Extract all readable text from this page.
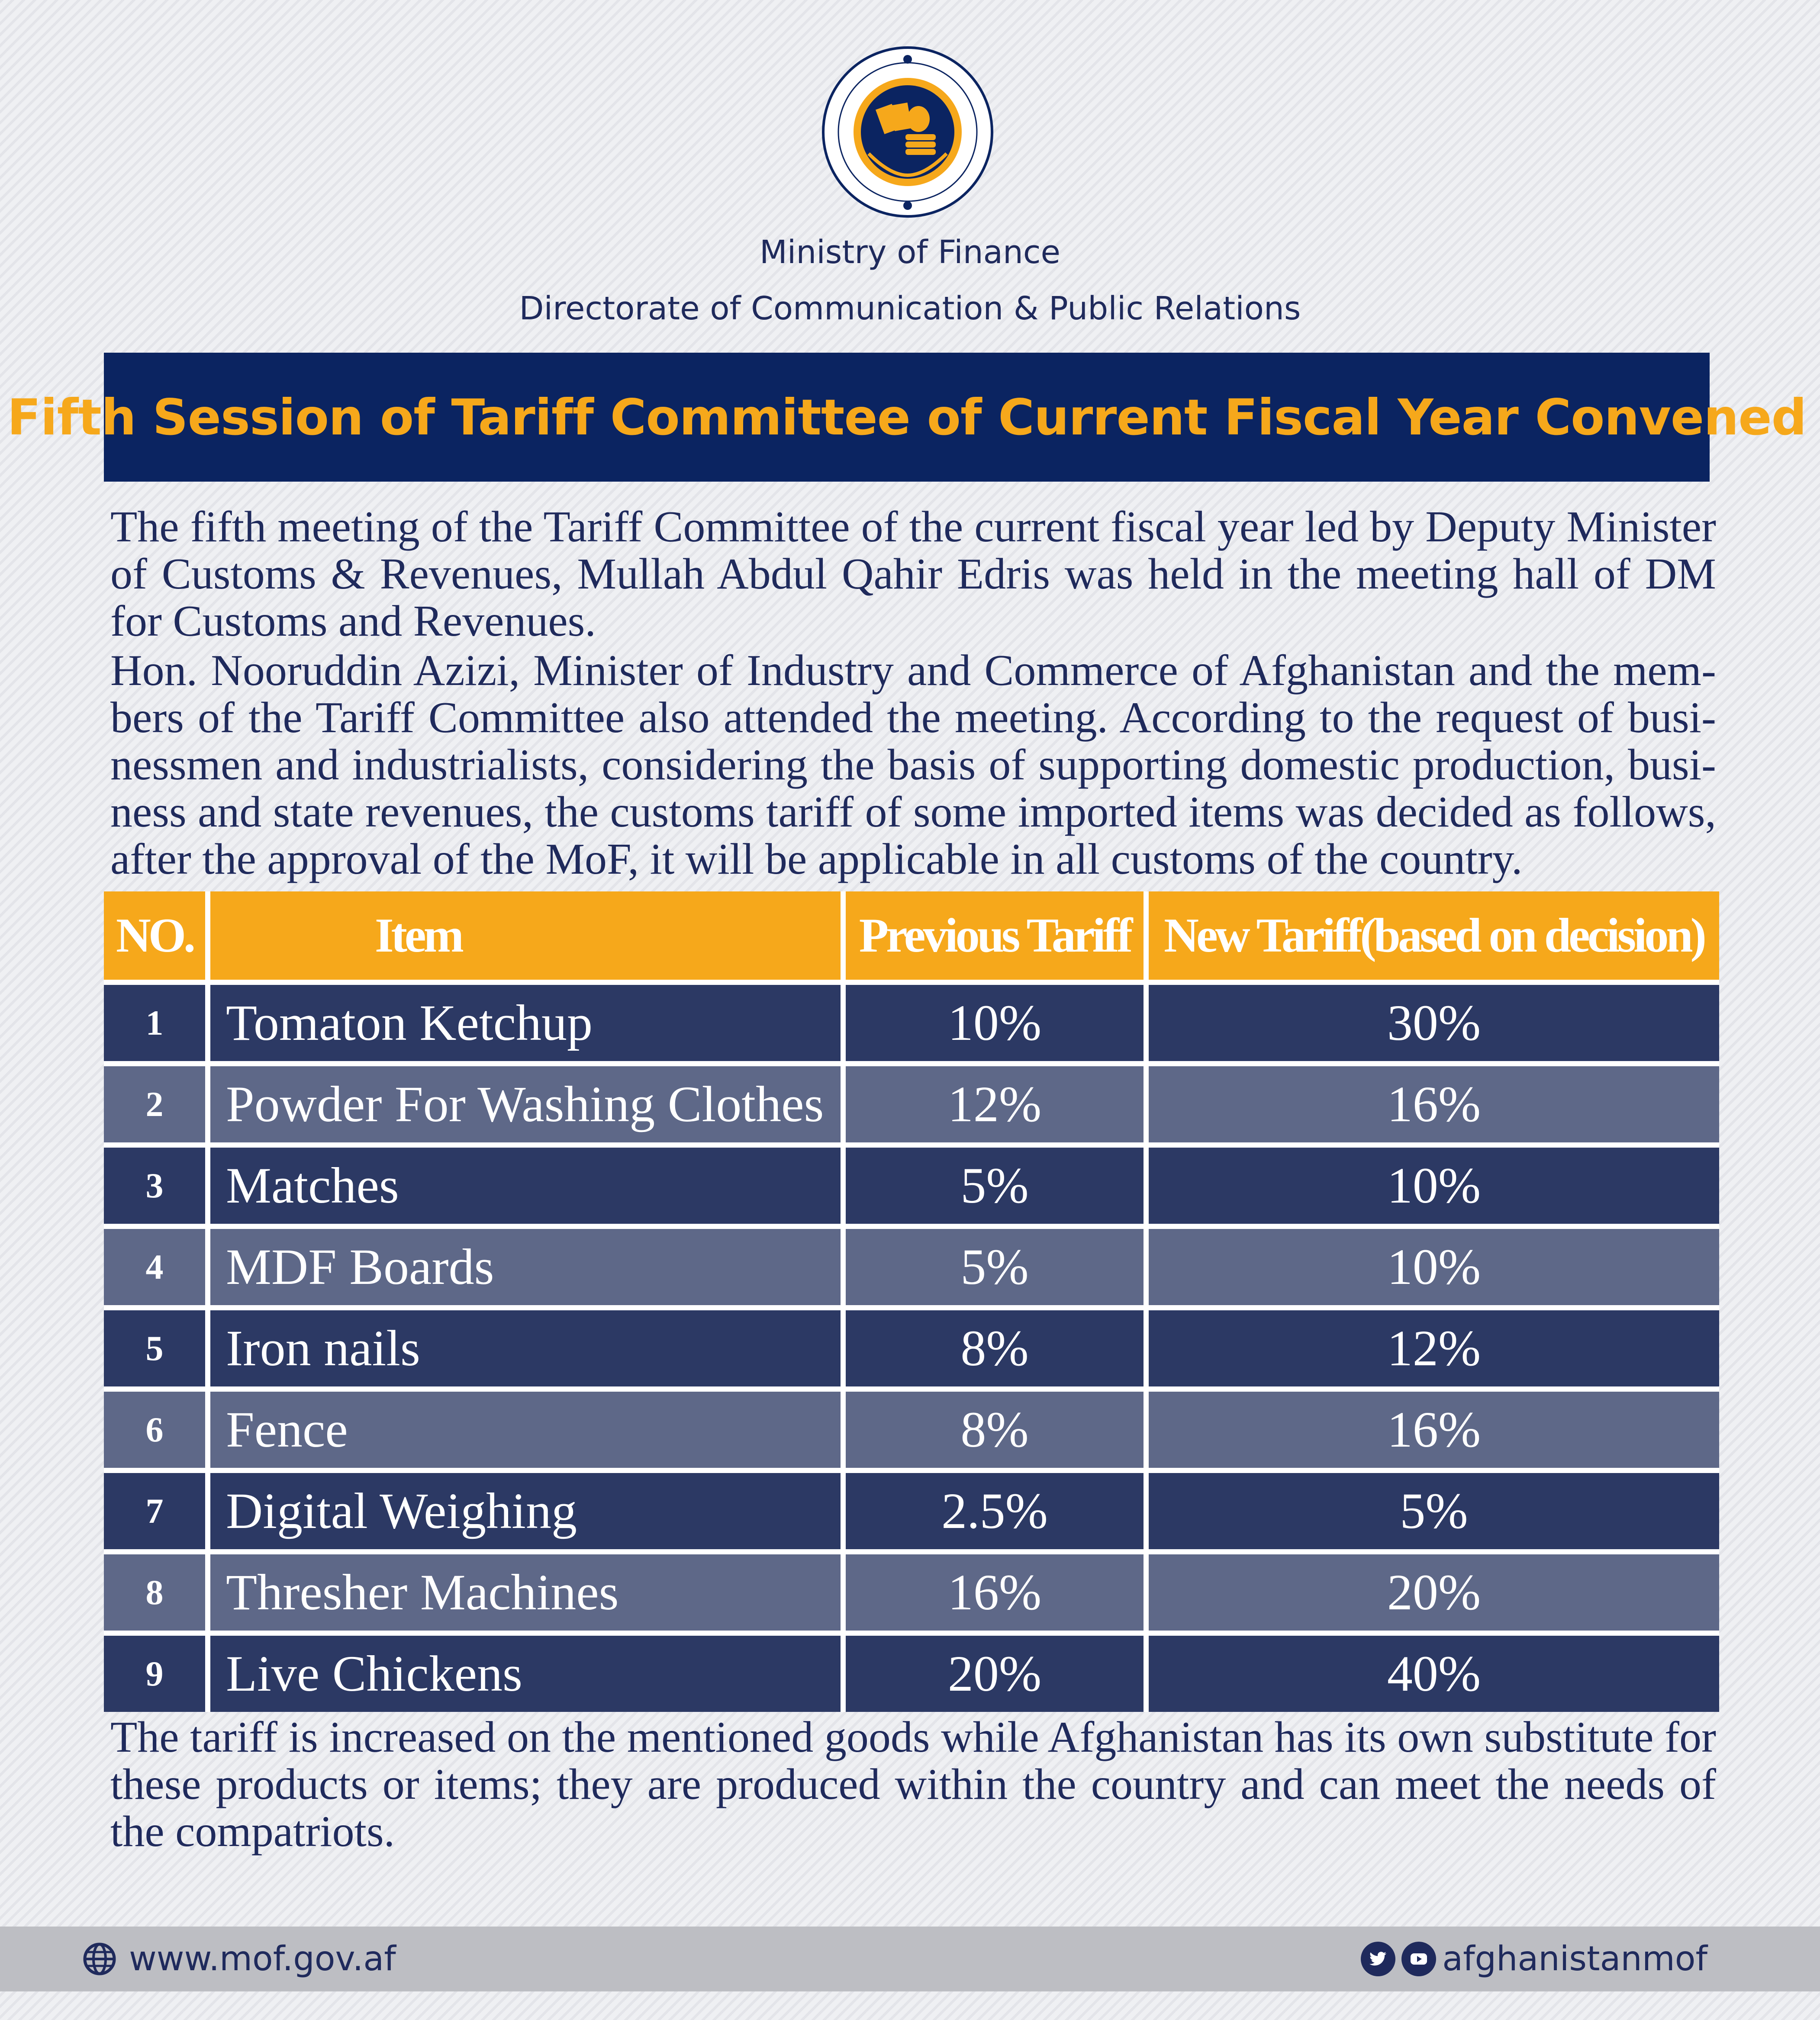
Ministry of Finance
Directorate of Communication & Public Relations
Fifth Session of Tariff Committee of Current Fiscal Year Convened

The fifth meeting of the Tariff Committee of the current fiscal year led by Deputy Minister of Customs & Revenues, Mullah Abdul Qahir Edris was held in the meeting hall of DM for Customs and Revenues.

Hon. Nooruddin Azizi, Minister of Industry and Commerce of Afghanistan and the mem-bers of the Tariff Committee also attended the meeting. According to the request of busi-nessmen and industrialists, considering the basis of supporting domestic production, busi-ness and state revenues, the customs tariff of some imported items was decided as follows, after the approval of the MoF, it will be applicable in all customs of the country.

NO.	Item	Previous Tariff	New Tariff(based on decision)
1	Tomaton Ketchup	10%	30%
2	Powder For Washing Clothes	12%	16%
3	Matches	5%	10%
4	MDF Boards	5%	10%
5	Iron nails	8%	12%
6	Fence	8%	16%
7	Digital Weighing	2.5%	5%
8	Thresher Machines	16%	20%
9	Live Chickens	20%	40%

The tariff is increased on the mentioned goods while Afghanistan has its own substitute for these products or items; they are produced within the country and can meet the needs of the compatriots.

www.mof.gov.af	afghanistanmof
